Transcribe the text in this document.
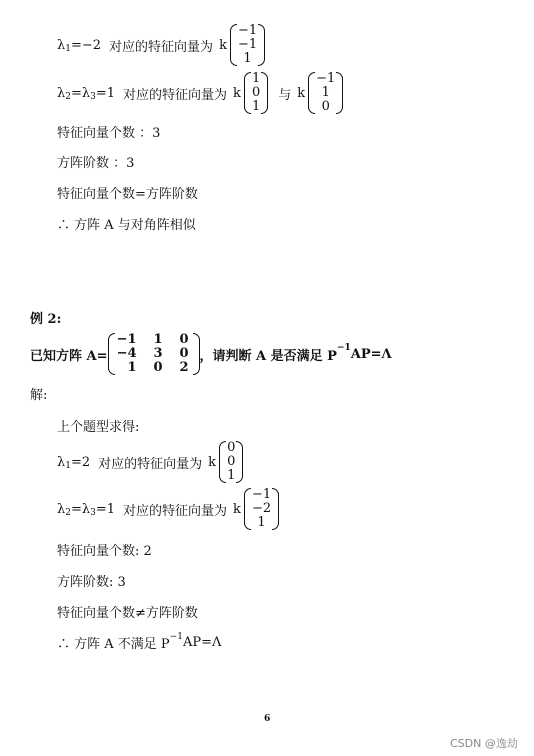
λ 1 =−2 对应的特征向量为 k
−1
−1
1
λ 2 =λ 3 =1 对应的特征向量为 k
1
0
1
与 k
−1
1
0
特征向量个数 ：3
方阵阶数 ：3
特征向量个数=方阵阶数
∴ 方阵 A 与对角阵相似
例 2:
已知方阵 A=
−1	1	0
−4	3	0
1	0	2
，请判断 A 是否满足 P
−1 AP=Λ
解:
上个题型求得:
λ 1 =2 对应的特征向量为 k
0
0
1
λ 2 =λ 3 =1 对应的特征向量为 k
−1
−2
1
特征向量个数: 2
方阵阶数: 3
特征向量个数≠方阵阶数
∴ 方阵 A 不满足 P
−1 AP=Λ
6
CSDN @逸劫
